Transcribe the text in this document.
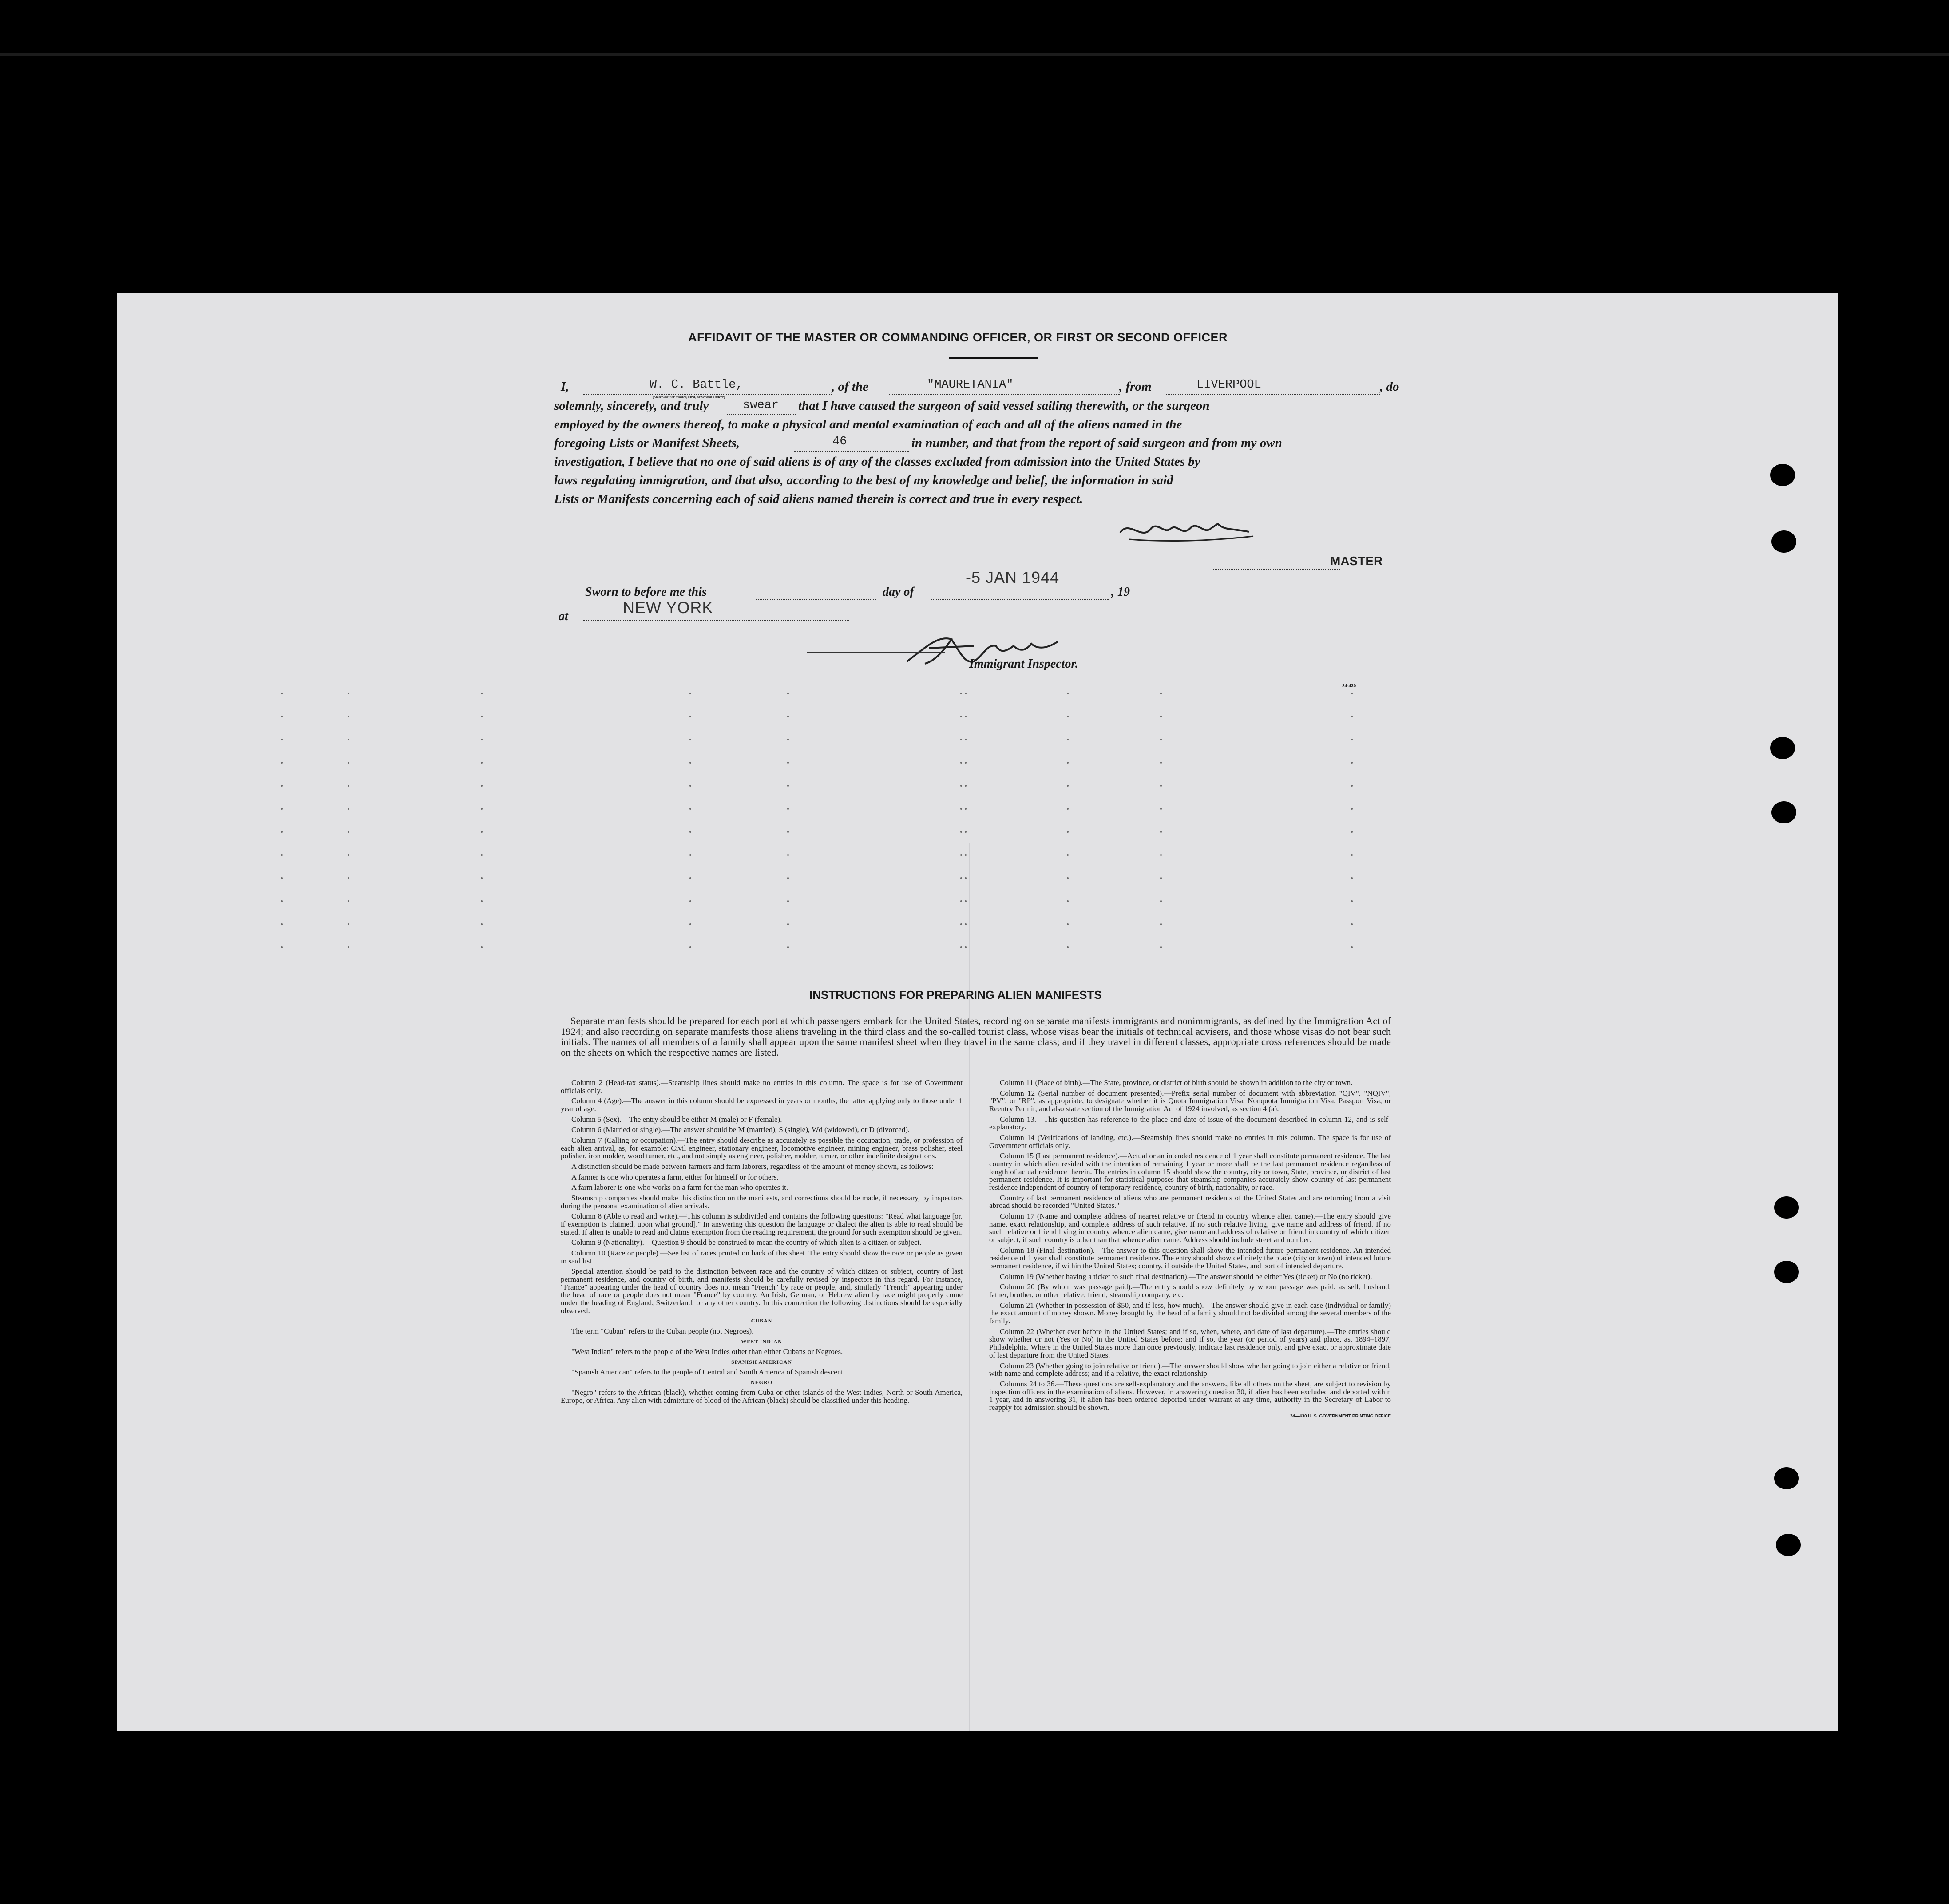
AFFIDAVIT OF THE MASTER OR COMMANDING OFFICER, OR FIRST OR SECOND OFFICER
I,	W. C. Battle,
(State whether Master, First, or Second Officer)
, of the	"MAURETANIA"	, from	LIVERPOOL	, do
solemnly, sincerely, and truly	swear that I have caused the surgeon of said vessel sailing therewith, or the surgeon
employed by the owners thereof, to make a physical and mental examination of each and all of the aliens named in the
foregoing Lists or Manifest Sheets,	46	in number, and that from the report of said surgeon and from my own
investigation, I believe that no one of said aliens is of any of the classes excluded from admission into the United States by
laws regulating immigration, and that also, according to the best of my knowledge and belief, the information in said
Lists or Manifests concerning each of said aliens named therein is correct and true in every respect.
MASTER
Sworn to before me this	day of
-5 JAN 1944
, 19
at	NEW YORK
Immigrant Inspector.
24-430
INSTRUCTIONS FOR PREPARING ALIEN MANIFESTS
Separate manifests should be prepared for each port at which passengers embark for the United States, recording on separate manifests immigrants and nonimmigrants, as defined by the Immigration Act of 1924; and also recording on separate manifests those aliens traveling in the third class and the so-called tourist class, whose visas bear the initials of technical advisers, and those whose visas do not bear such initials. The names of all members of a family shall appear upon the same manifest sheet when they travel in the same class; and if they travel in different classes, appropriate cross references should be made on the sheets on which the respective names are listed.

Column 2 (Head-tax status).—Steamship lines should make no entries in this column. The space is for use of Government officials only.

Column 4 (Age).—The answer in this column should be expressed in years or months, the latter applying only to those under 1 year of age.

Column 5 (Sex).—The entry should be either M (male) or F (female).

Column 6 (Married or single).—The answer should be M (married), S (single), Wd (widowed), or D (divorced).

Column 7 (Calling or occupation).—The entry should describe as accurately as possible the occupation, trade, or profession of each alien arrival, as, for example: Civil engineer, stationary engineer, locomotive engineer, mining engineer, brass polisher, steel polisher, iron molder, wood turner, etc., and not simply as engineer, polisher, molder, turner, or other indefinite designations.

A distinction should be made between farmers and farm laborers, regardless of the amount of money shown, as follows:

A farmer is one who operates a farm, either for himself or for others.

A farm laborer is one who works on a farm for the man who operates it.

Steamship companies should make this distinction on the manifests, and corrections should be made, if necessary, by inspectors during the personal examination of alien arrivals.

Column 8 (Able to read and write).—This column is subdivided and contains the following questions: "Read what language [or, if exemption is claimed, upon what ground]." In answering this question the language or dialect the alien is able to read should be stated. If alien is unable to read and claims exemption from the reading requirement, the ground for such exemption should be given.

Column 9 (Nationality).—Question 9 should be construed to mean the country of which alien is a citizen or subject.

Column 10 (Race or people).—See list of races printed on back of this sheet. The entry should show the race or people as given in said list.

Special attention should be paid to the distinction between race and the country of which citizen or subject, country of last permanent residence, and country of birth, and manifests should be carefully revised by inspectors in this regard. For instance, "France" appearing under the head of country does not mean "French" by race or people, and, similarly "French" appearing under the head of race or people does not mean "France" by country. An Irish, German, or Hebrew alien by race might properly come under the heading of England, Switzerland, or any other country. In this connection the following distinctions should be especially observed:

CUBAN

The term "Cuban" refers to the Cuban people (not Negroes).

WEST INDIAN

"West Indian" refers to the people of the West Indies other than either Cubans or Negroes.

SPANISH AMERICAN

"Spanish American" refers to the people of Central and South America of Spanish descent.

NEGRO

"Negro" refers to the African (black), whether coming from Cuba or other islands of the West Indies, North or South America, Europe, or Africa. Any alien with admixture of blood of the African (black) should be classified under this heading.

Column 11 (Place of birth).—The State, province, or district of birth should be shown in addition to the city or town.

Column 12 (Serial number of document presented).—Prefix serial number of document with abbreviation "QIV", "NQIV", "PV", or "RP", as appropriate, to designate whether it is Quota Immigration Visa, Nonquota Immigration Visa, Passport Visa, or Reentry Permit; and also state section of the Immigration Act of 1924 involved, as section 4 (a).

Column 13.—This question has reference to the place and date of issue of the document described in column 12, and is self-explanatory.

Column 14 (Verifications of landing, etc.).—Steamship lines should make no entries in this column. The space is for use of Government officials only.

Column 15 (Last permanent residence).—Actual or an intended residence of 1 year shall constitute permanent residence. The last country in which alien resided with the intention of remaining 1 year or more shall be the last permanent residence regardless of length of actual residence therein. The entries in column 15 should show the country, city or town, State, province, or district of last permanent residence. It is important for statistical purposes that steamship companies accurately show country of last permanent residence independent of country of temporary residence, country of birth, nationality, or race.

Country of last permanent residence of aliens who are permanent residents of the United States and are returning from a visit abroad should be recorded "United States."

Column 17 (Name and complete address of nearest relative or friend in country whence alien came).—The entry should give name, exact relationship, and complete address of such relative. If no such relative living, give name and address of friend. If no such relative or friend living in country whence alien came, give name and address of relative or friend in country of which citizen or subject, if such country is other than that whence alien came. Address should include street and number.

Column 18 (Final destination).—The answer to this question shall show the intended future permanent residence. An intended residence of 1 year shall constitute permanent residence. The entry should show definitely the place (city or town) of intended future permanent residence, if within the United States; country, if outside the United States, and port of intended departure.

Column 19 (Whether having a ticket to such final destination).—The answer should be either Yes (ticket) or No (no ticket).

Column 20 (By whom was passage paid).—The entry should show definitely by whom passage was paid, as self; husband, father, brother, or other relative; friend; steamship company, etc.

Column 21 (Whether in possession of $50, and if less, how much).—The answer should give in each case (individual or family) the exact amount of money shown. Money brought by the head of a family should not be divided among the several members of the family.

Column 22 (Whether ever before in the United States; and if so, when, where, and date of last departure).—The entries should show whether or not (Yes or No) in the United States before; and if so, the year (or period of years) and place, as, 1894–1897, Philadelphia. Where in the United States more than once previously, indicate last residence only, and give exact or approximate date of last departure from the United States.

Column 23 (Whether going to join relative or friend).—The answer should show whether going to join either a relative or friend, with name and complete address; and if a relative, the exact relationship.

Columns 24 to 36.—These questions are self-explanatory and the answers, like all others on the sheet, are subject to revision by inspection officers in the examination of aliens. However, in answering question 30, if alien has been excluded and deported within 1 year, and in answering 31, if alien has been ordered deported under warrant at any time, authority in the Secretary of Labor to reapply for admission should be shown.

24—430 U. S. GOVERNMENT PRINTING OFFICE
